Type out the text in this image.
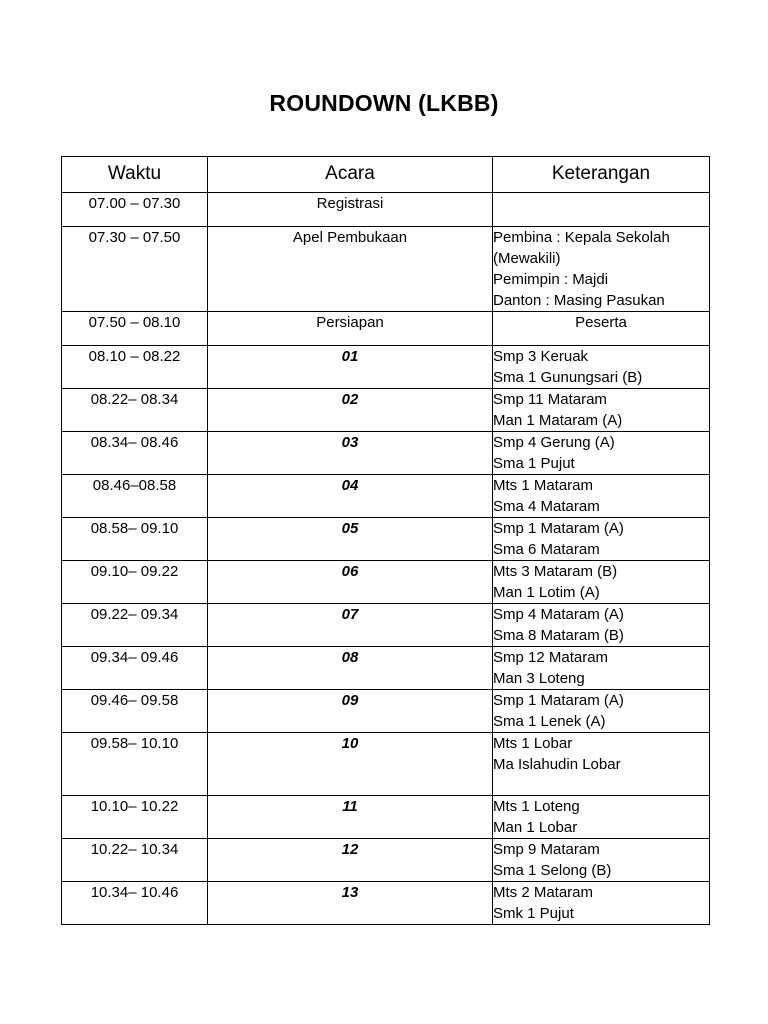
ROUNDOWN (LKBB)
Waktu	Acara	Keterangan
07.00 – 07.30	Registrasi	
07.30 – 07.50	Apel Pembukaan	Pembina : Kepala Sekolah
(Mewakili)
Pemimpin : Majdi
Danton : Masing Pasukan

07.50 – 08.10	Persiapan	Peserta

08.10 – 08.22	01	Smp 3 Keruak
Sma 1 Gunungsari (B)

08.22– 08.34	02	Smp 11 Mataram
Man 1 Mataram (A)

08.34– 08.46	03	Smp 4 Gerung (A)
Sma 1 Pujut

08.46–08.58	04	Mts 1 Mataram
Sma 4 Mataram

08.58– 09.10	05	Smp 1 Mataram (A)
Sma 6 Mataram

09.10– 09.22	06	Mts 3 Mataram (B)
Man 1 Lotim (A)

09.22– 09.34	07	Smp 4 Mataram (A)
Sma 8 Mataram (B)

09.34– 09.46	08	Smp 12 Mataram
Man 3 Loteng

09.46– 09.58	09	Smp 1 Mataram (A)
Sma 1 Lenek (A)

09.58– 10.10	10	Mts 1 Lobar
Ma Islahudin Lobar

10.10– 10.22	11	Mts 1 Loteng
Man 1 Lobar

10.22– 10.34	12	Smp 9 Mataram
Sma 1 Selong (B)

10.34– 10.46	13	Mts 2 Mataram
Smk 1 Pujut
